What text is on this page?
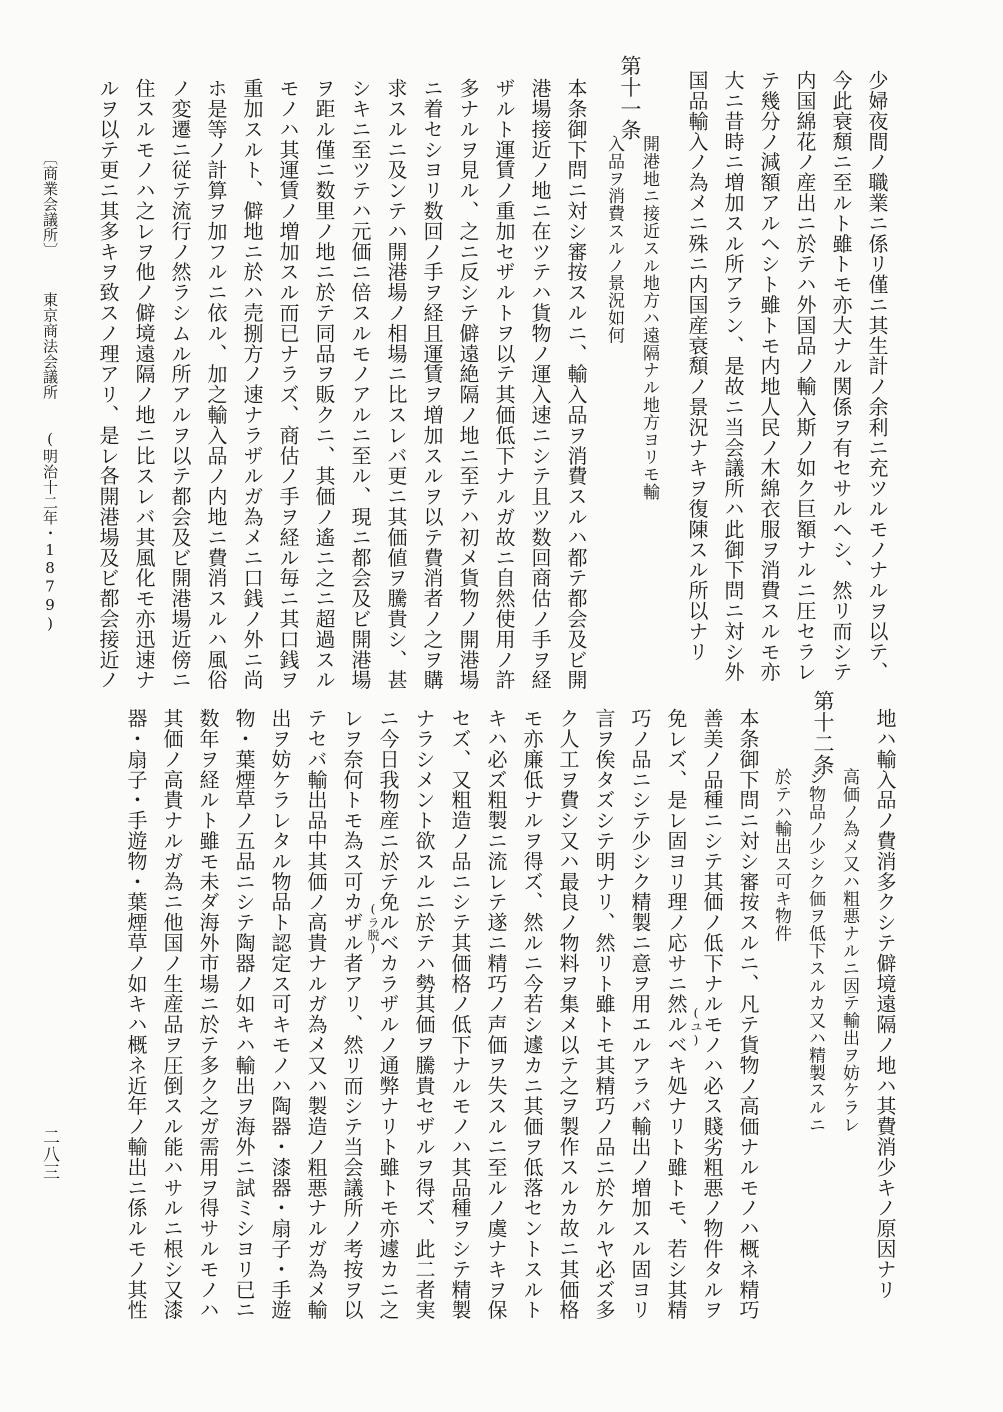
少婦夜間ノ職業ニ係リ僅ニ其生計ノ余利ニ充ツルモノナルヲ以テ、
今此衰頽ニ至ルト雖トモ亦大ナル関係ヲ有セサルヘシ、然リ而シテ
内国綿花ノ産出ニ於テハ外国品ノ輸入斯ノ如ク巨額ナルニ圧セラレ
テ幾分ノ減額アルヘシト雖トモ内地人民ノ木綿衣服ヲ消費スルモ亦
大ニ昔時ニ増加スル所アラン、是故ニ当会議所ハ此御下問ニ対シ外
国品輸入ノ為メニ殊ニ内国産衰頽ノ景況ナキヲ復陳スル所以ナリ
第十一条
開港地ニ接近スル地方ハ遠隔ナル地方ヨリモ輸
入品ヲ消費スルノ景況如何
本条御下問ニ対シ審按スルニ、輸入品ヲ消費スルハ都テ都会及ビ開
港場接近ノ地ニ在ツテハ貨物ノ運入速ニシテ且ツ数回商估ノ手ヲ経
ザルト運賃ノ重加セザルトヲ以テ其価低下ナルガ故ニ自然使用ノ許
多ナルヲ見ル、之ニ反シテ僻遠絶隔ノ地ニ至テハ初メ貨物ノ開港場
ニ着セシヨリ数回ノ手ヲ経且運賃ヲ増加スルヲ以テ費消者ノ之ヲ購
求スルニ及ンテハ開港場ノ相場ニ比スレバ更ニ其価値ヲ騰貴シ、甚
シキニ至ツテハ元価ニ倍スルモノアルニ至ル、現ニ都会及ビ開港場
ヲ距ル僅ニ数里ノ地ニ於テ同品ヲ販クニ、其価ノ遙ニ之ニ超過スル
モノハ其運賃ノ増加スル而已ナラズ、商估ノ手ヲ経ル毎ニ其口銭ヲ
重加スルト、僻地ニ於ハ売捌方ノ速ナラザルガ為メニ口銭ノ外ニ尚
ホ是等ノ計算ヲ加フルニ依ル、加之輸入品ノ内地ニ費消スルハ風俗
ノ変遷ニ従テ流行ノ然ラシムル所アルヲ以テ都会及ビ開港場近傍ニ
住スルモノハ之レヲ他ノ僻境遠隔ノ地ニ比スレバ其風化モ亦迅速ナ
ルヲ以テ更ニ其多キヲ致スノ理アリ、是レ各開港場及ビ都会接近ノ
〔商業会議所〕
東京商法会議所
(明治十二年・1879)
地ハ輸入品ノ費消多クシテ僻境遠隔ノ地ハ其費消少キノ原因ナリ
第十二条
高価ノ為メ又ハ粗悪ナルニ因テ輸出ヲ妨ケラレ
シ物品ノ少シク価ヲ低下スルカ又ハ精製スルニ
於テハ輸出ス可キ物件
本条御下問ニ対シ審按スルニ、凡テ貨物ノ高価ナルモノハ概ネ精巧
善美ノ品種ニシテ其価ノ低下ナルモノハ必ス賤劣粗悪ノ物件タルヲ
免レズ、是レ固ヨリ理ノ応サニ然ルベキ処ナリト雖トモ、若シ其精
巧ノ品ニシテ少シク精製ニ意ヲ用エルアラバ輸出ノ増加スル固ヨリ
言ヲ俟タズシテ明ナリ、然リト雖トモ其精巧ノ品ニ於ケルヤ必ズ多
ク人工ヲ費シ又ハ最良ノ物料ヲ集メ以テ之ヲ製作スルカ故ニ其価格
モ亦廉低ナルヲ得ズ、然ルニ今若シ遽カニ其価ヲ低落セントスルト
キハ必ズ粗製ニ流レテ遂ニ精巧ノ声価ヲ失スルニ至ルノ虞ナキヲ保
セズ、又粗造ノ品ニシテ其価格ノ低下ナルモノハ其品種ヲシテ精製
ナラシメント欲スルニ於テハ勢其価ヲ騰貴セザルヲ得ズ、此二者実
ニ今日我物産ニ於テ免ルベカラザルノ通弊ナリト雖トモ亦遽カニ之
レヲ奈何トモ為ス可カザル者アリ、然リ而シテ当会議所ノ考按ヲ以
テセバ輸出品中其価ノ高貴ナルガ為メ又ハ製造ノ粗悪ナルガ為メ輸
出ヲ妨ケラレタル物品ト認定ス可キモノハ陶器・漆器・扇子・手遊
物・葉煙草ノ五品ニシテ陶器ノ如キハ輸出ヲ海外ニ試ミシヨリ已ニ
数年ヲ経ルト雖モ未ダ海外市場ニ於テ多ク之ガ需用ヲ得サルモノハ
其価ノ高貴ナルガ為ニ他国ノ生産品ヲ圧倒スル能ハサルニ根シ又漆
器・扇子・手遊物・葉煙草ノ如キハ概ネ近年ノ輸出ニ係ルモノ其性	(ユ)
(ラ脱)
二八三
